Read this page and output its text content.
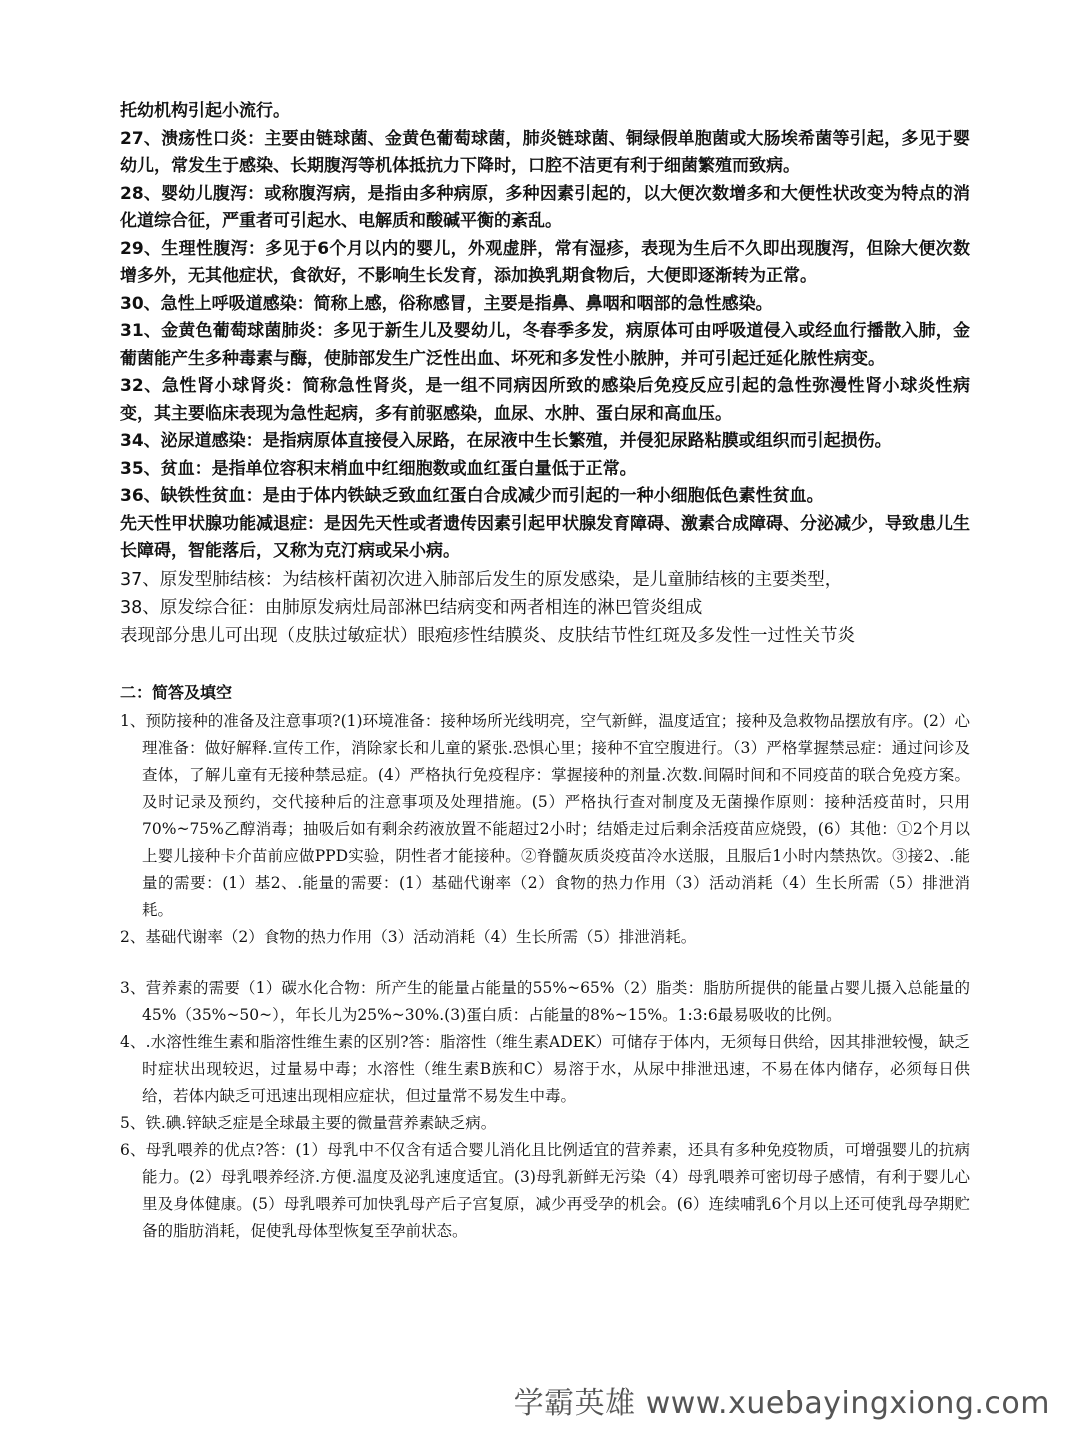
托幼机构引起小流行。

27、溃疡性口炎：主要由链球菌、金黄色葡萄球菌，肺炎链球菌、铜绿假单胞菌或大肠埃希菌等引起，多见于婴幼儿，常发生于感染、长期腹泻等机体抵抗力下降时，口腔不洁更有利于细菌繁殖而致病。

28、婴幼儿腹泻：或称腹泻病，是指由多种病原，多种因素引起的，以大便次数增多和大便性状改变为特点的消化道综合征，严重者可引起水、电解质和酸碱平衡的紊乱。

29、生理性腹泻：多见于6个月以内的婴儿，外观虚胖，常有湿疹，表现为生后不久即出现腹泻，但除大便次数增多外，无其他症状，食欲好，不影响生长发育，添加换乳期食物后，大便即逐渐转为正常。

30、急性上呼吸道感染：简称上感，俗称感冒，主要是指鼻、鼻咽和咽部的急性感染。

31、金黄色葡萄球菌肺炎：多见于新生儿及婴幼儿，冬春季多发，病原体可由呼吸道侵入或经血行播散入肺，金葡菌能产生多种毒素与酶，使肺部发生广泛性出血、坏死和多发性小脓肿，并可引起迁延化脓性病变。

32、急性肾小球肾炎：简称急性肾炎，是一组不同病因所致的感染后免疫反应引起的急性弥漫性肾小球炎性病变，其主要临床表现为急性起病，多有前驱感染，血尿、水肿、蛋白尿和高血压。

34、泌尿道感染：是指病原体直接侵入尿路，在尿液中生长繁殖，并侵犯尿路粘膜或组织而引起损伤。

35、贫血：是指单位容积末梢血中红细胞数或血红蛋白量低于正常。

36、缺铁性贫血：是由于体内铁缺乏致血红蛋白合成减少而引起的一种小细胞低色素性贫血。

先天性甲状腺功能减退症：是因先天性或者遗传因素引起甲状腺发育障碍、激素合成障碍、分泌减少，导致患儿生长障碍，智能落后，又称为克汀病或呆小病。

37、原发型肺结核：为结核杆菌初次进入肺部后发生的原发感染，是儿童肺结核的主要类型，

38、原发综合征：由肺原发病灶局部淋巴结病变和两者相连的淋巴管炎组成

表现部分患儿可出现（皮肤过敏症状）眼疱疹性结膜炎、皮肤结节性红斑及多发性一过性关节炎

二：简答及填空

1、预防接种的准备及注意事项?(1)环境准备：接种场所光线明亮，空气新鲜，温度适宜；接种及急救物品摆放有序。(2）心理准备：做好解释.宣传工作，消除家长和儿童的紧张.恐惧心里；接种不宜空腹进行。（3）严格掌握禁忌症：通过问诊及查体，了解儿童有无接种禁忌症。(4）严格执行免疫程序：掌握接种的剂量.次数.间隔时间和不同疫苗的联合免疫方案。及时记录及预约，交代接种后的注意事项及处理措施。(5）严格执行查对制度及无菌操作原则：接种活疫苗时，只用70%~75%乙醇消毒；抽吸后如有剩余药液放置不能超过2小时；结婚走过后剩余活疫苗应烧毁，(6）其他：①2个月以上婴儿接种卡介苗前应做PPD实验，阴性者才能接种。②脊髓灰质炎疫苗冷水送服，且服后1小时内禁热饮。③接2、.能量的需要：(1）基2、.能量的需要：(1）基础代谢率（2）食物的热力作用（3）活动消耗（4）生长所需（5）排泄消耗。
2、基础代谢率（2）食物的热力作用（3）活动消耗（4）生长所需（5）排泄消耗。
3、营养素的需要（1）碳水化合物：所产生的能量占能量的55%~65%（2）脂类：脂肪所提供的能量占婴儿摄入总能量的45%（35%~50~），年长儿为25%~30%.(3)蛋白质：占能量的8%~15%。1:3:6最易吸收的比例。
4、.水溶性维生素和脂溶性维生素的区别?答：脂溶性（维生素ADEK）可储存于体内，无须每日供给，因其排泄较慢，缺乏时症状出现较迟，过量易中毒；水溶性（维生素B族和C）易溶于水，从尿中排泄迅速，不易在体内储存，必须每日供给，若体内缺乏可迅速出现相应症状，但过量常不易发生中毒。
5、铁.碘.锌缺乏症是全球最主要的微量营养素缺乏病。
6、母乳喂养的优点?答：(1）母乳中不仅含有适合婴儿消化且比例适宜的营养素，还具有多种免疫物质，可增强婴儿的抗病能力。(2）母乳喂养经济.方便.温度及泌乳速度适宜。(3)母乳新鲜无污染（4）母乳喂养可密切母子感情，有利于婴儿心里及身体健康。(5）母乳喂养可加快乳母产后子宫复原，减少再受孕的机会。(6）连续哺乳6个月以上还可使乳母孕期贮备的脂肪消耗，促使乳母体型恢复至孕前状态。
学霸英雄 www.xuebayingxiong.com
